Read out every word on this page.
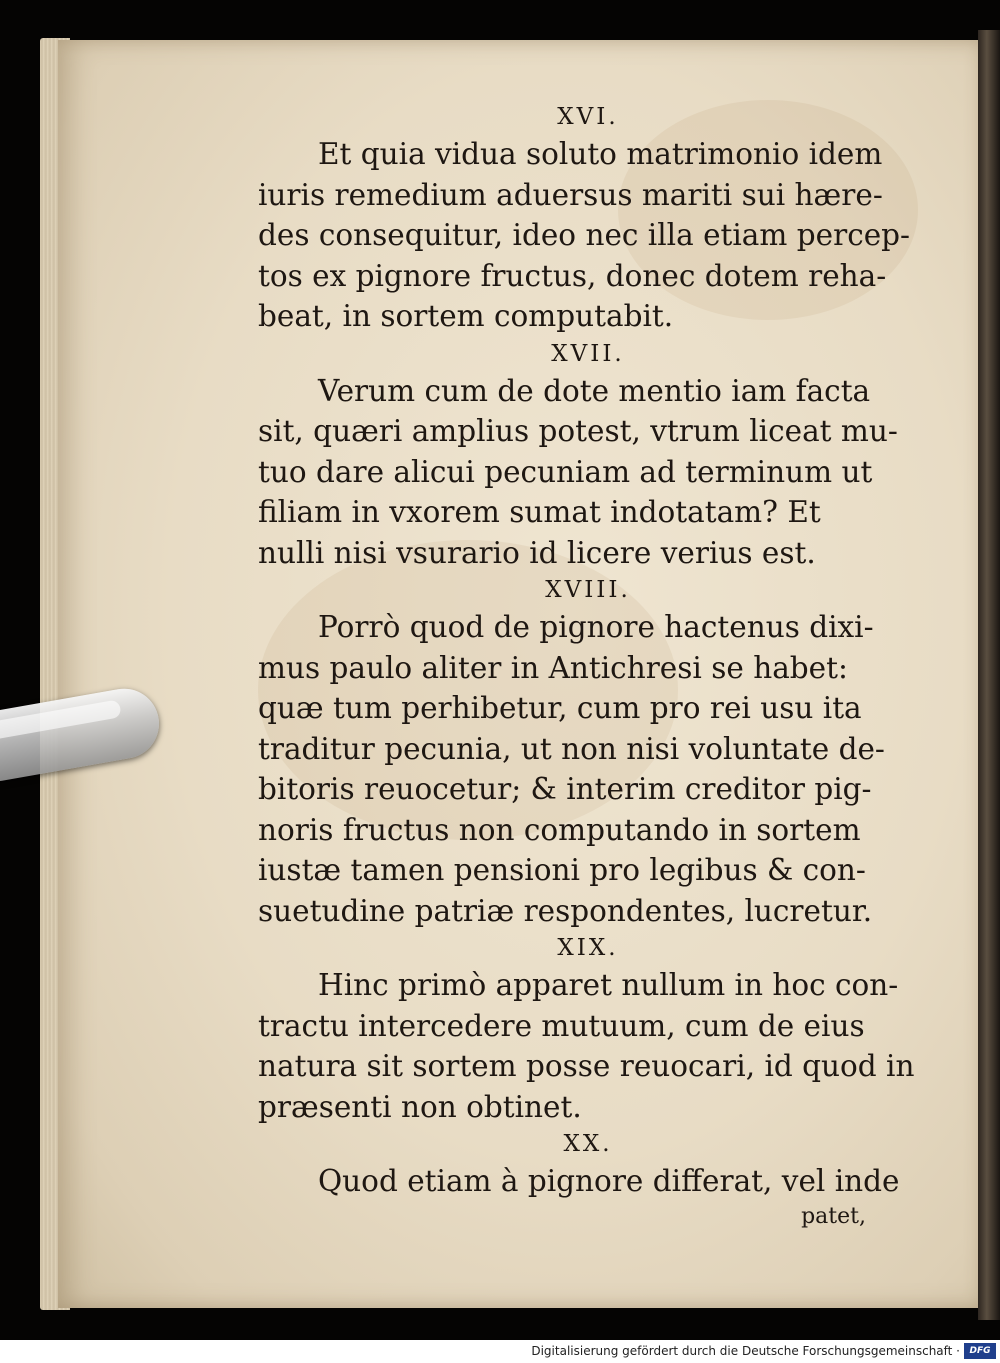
XVI.

Et quia vidua soluto matrimonio idem
iuris remedium aduersus mariti sui hære-
des consequitur, ideo nec illa etiam percep-
tos ex pignore fructus, donec dotem reha-
beat, in sortem computabit.

XVII.

Verum cum de dote mentio iam facta
sit, quæri amplius potest, vtrum liceat mu-
tuo dare alicui pecuniam ad terminum ut
filiam in vxorem sumat indotatam? Et
nulli nisi vsurario id licere verius est.

XVIII.

Porrò quod de pignore hactenus dixi-
mus paulo aliter in Antichresi se habet:
quæ tum perhibetur, cum pro rei usu ita
traditur pecunia, ut non nisi voluntate de-
bitoris reuocetur; & interim creditor pig-
noris fructus non computando in sortem
iustæ tamen pensioni pro legibus & con-
suetudine patriæ respondentes, lucretur.

XIX.

Hinc primò apparet nullum in hoc con-
tractu intercedere mutuum, cum de eius
natura sit sortem posse reuocari, id quod in
præsenti non obtinet.

XX.

Quod etiam à pignore differat, vel inde

patet,
Digitalisierung gefördert durch die Deutsche Forschungsgemeinschaft ·	DFG
